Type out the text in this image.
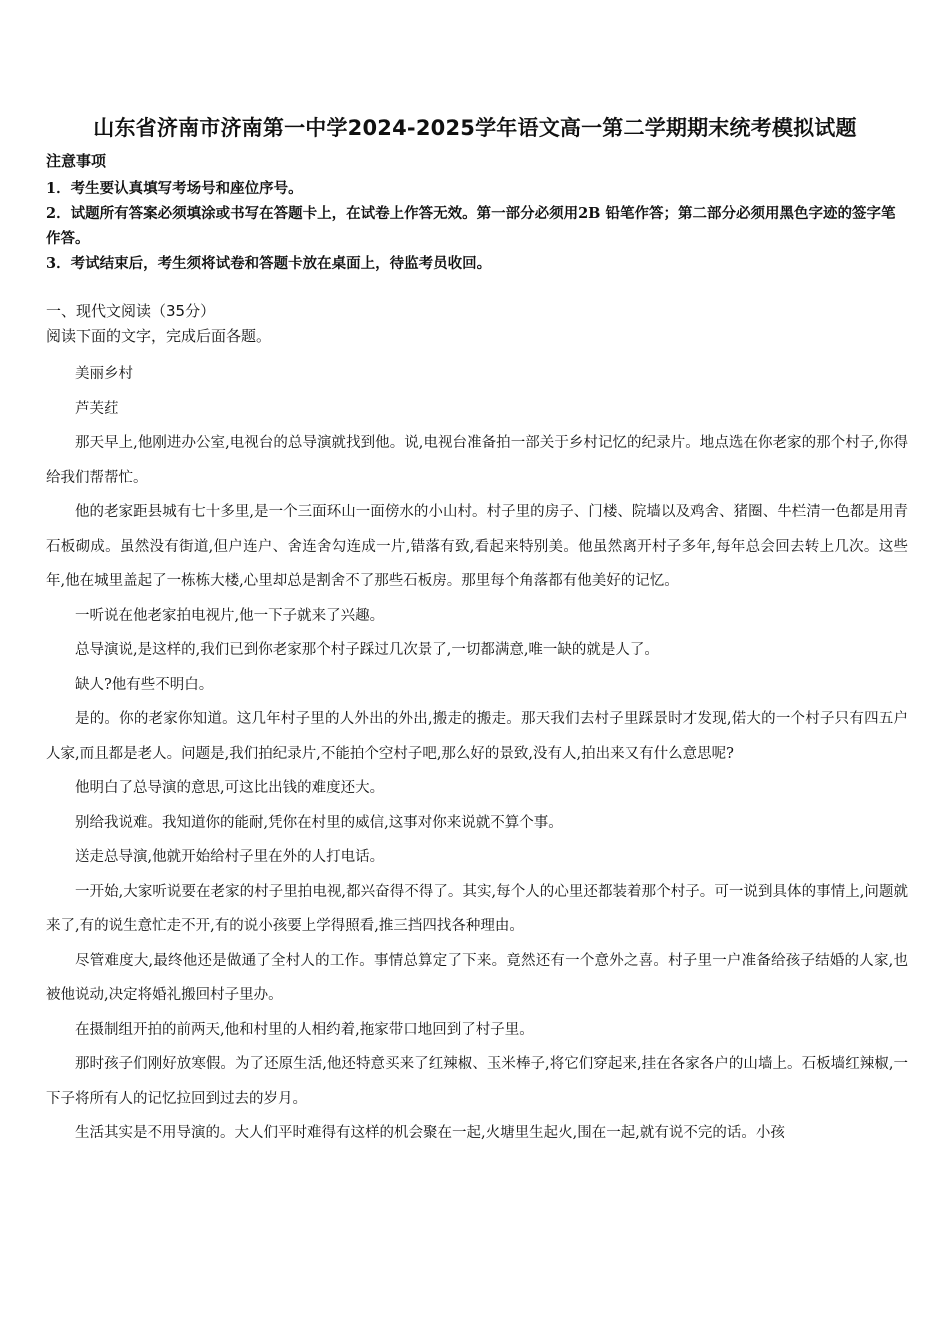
山东省济南市济南第一中学2024-2025学年语文高一第二学期期末统考模拟试题
注意事项
1．考生要认真填写考场号和座位序号。
2．试题所有答案必须填涂或书写在答题卡上，在试卷上作答无效。第一部分必须用2B 铅笔作答；第二部分必须用黑色字迹的签字笔作答。
3．考试结束后，考生须将试卷和答题卡放在桌面上，待监考员收回。
一、现代文阅读（35分）
阅读下面的文字，完成后面各题。

美丽乡村

芦芙荭

那天早上,他刚进办公室,电视台的总导演就找到他。说,电视台准备拍一部关于乡村记忆的纪录片。地点选在你老家的那个村子,你得给我们帮帮忙。

他的老家距县城有七十多里,是一个三面环山一面傍水的小山村。村子里的房子、门楼、院墙以及鸡舍、猪圈、牛栏清一色都是用青石板砌成。虽然没有街道,但户连户、舍连舍勾连成一片,错落有致,看起来特别美。他虽然离开村子多年,每年总会回去转上几次。这些年,他在城里盖起了一栋栋大楼,心里却总是割舍不了那些石板房。那里每个角落都有他美好的记忆。

一听说在他老家拍电视片,他一下子就来了兴趣。

总导演说,是这样的,我们已到你老家那个村子踩过几次景了,一切都满意,唯一缺的就是人了。

缺人?他有些不明白。

是的。你的老家你知道。这几年村子里的人外出的外出,搬走的搬走。那天我们去村子里踩景时才发现,偌大的一个村子只有四五户人家,而且都是老人。问题是,我们拍纪录片,不能拍个空村子吧,那么好的景致,没有人,拍出来又有什么意思呢?

他明白了总导演的意思,可这比出钱的难度还大。

别给我说难。我知道你的能耐,凭你在村里的威信,这事对你来说就不算个事。

送走总导演,他就开始给村子里在外的人打电话。

一开始,大家听说要在老家的村子里拍电视,都兴奋得不得了。其实,每个人的心里还都装着那个村子。可一说到具体的事情上,问题就来了,有的说生意忙走不开,有的说小孩要上学得照看,推三挡四找各种理由。

尽管难度大,最终他还是做通了全村人的工作。事情总算定了下来。竟然还有一个意外之喜。村子里一户准备给孩子结婚的人家,也被他说动,决定将婚礼搬回村子里办。

在摄制组开拍的前两天,他和村里的人相约着,拖家带口地回到了村子里。

那时孩子们刚好放寒假。为了还原生活,他还特意买来了红辣椒、玉米棒子,将它们穿起来,挂在各家各户的山墙上。石板墙红辣椒,一下子将所有人的记忆拉回到过去的岁月。

生活其实是不用导演的。大人们平时难得有这样的机会聚在一起,火塘里生起火,围在一起,就有说不完的话。小孩
